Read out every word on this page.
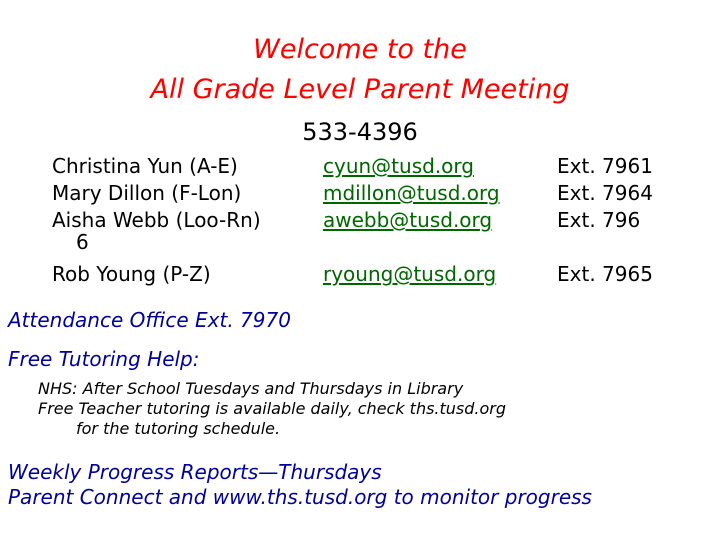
Welcome to the
All Grade Level Parent Meeting
533-4396
Christina Yun (A-E)
Mary Dillon (F-Lon)
Aisha Webb (Loo-Rn)
6
Rob Young (P-Z)
cyun@tusd.org
mdillon@tusd.org
awebb@tusd.org
ryoung@tusd.org
Ext. 7961
Ext. 7964
Ext. 796
Ext. 7965
Attendance Office Ext. 7970
Free Tutoring Help:
NHS: After School Tuesdays and Thursdays in Library
Free Teacher tutoring is available daily, check ths.tusd.org
for the tutoring schedule.
Weekly Progress Reports—Thursdays
Parent Connect and www.ths.tusd.org to monitor progress
